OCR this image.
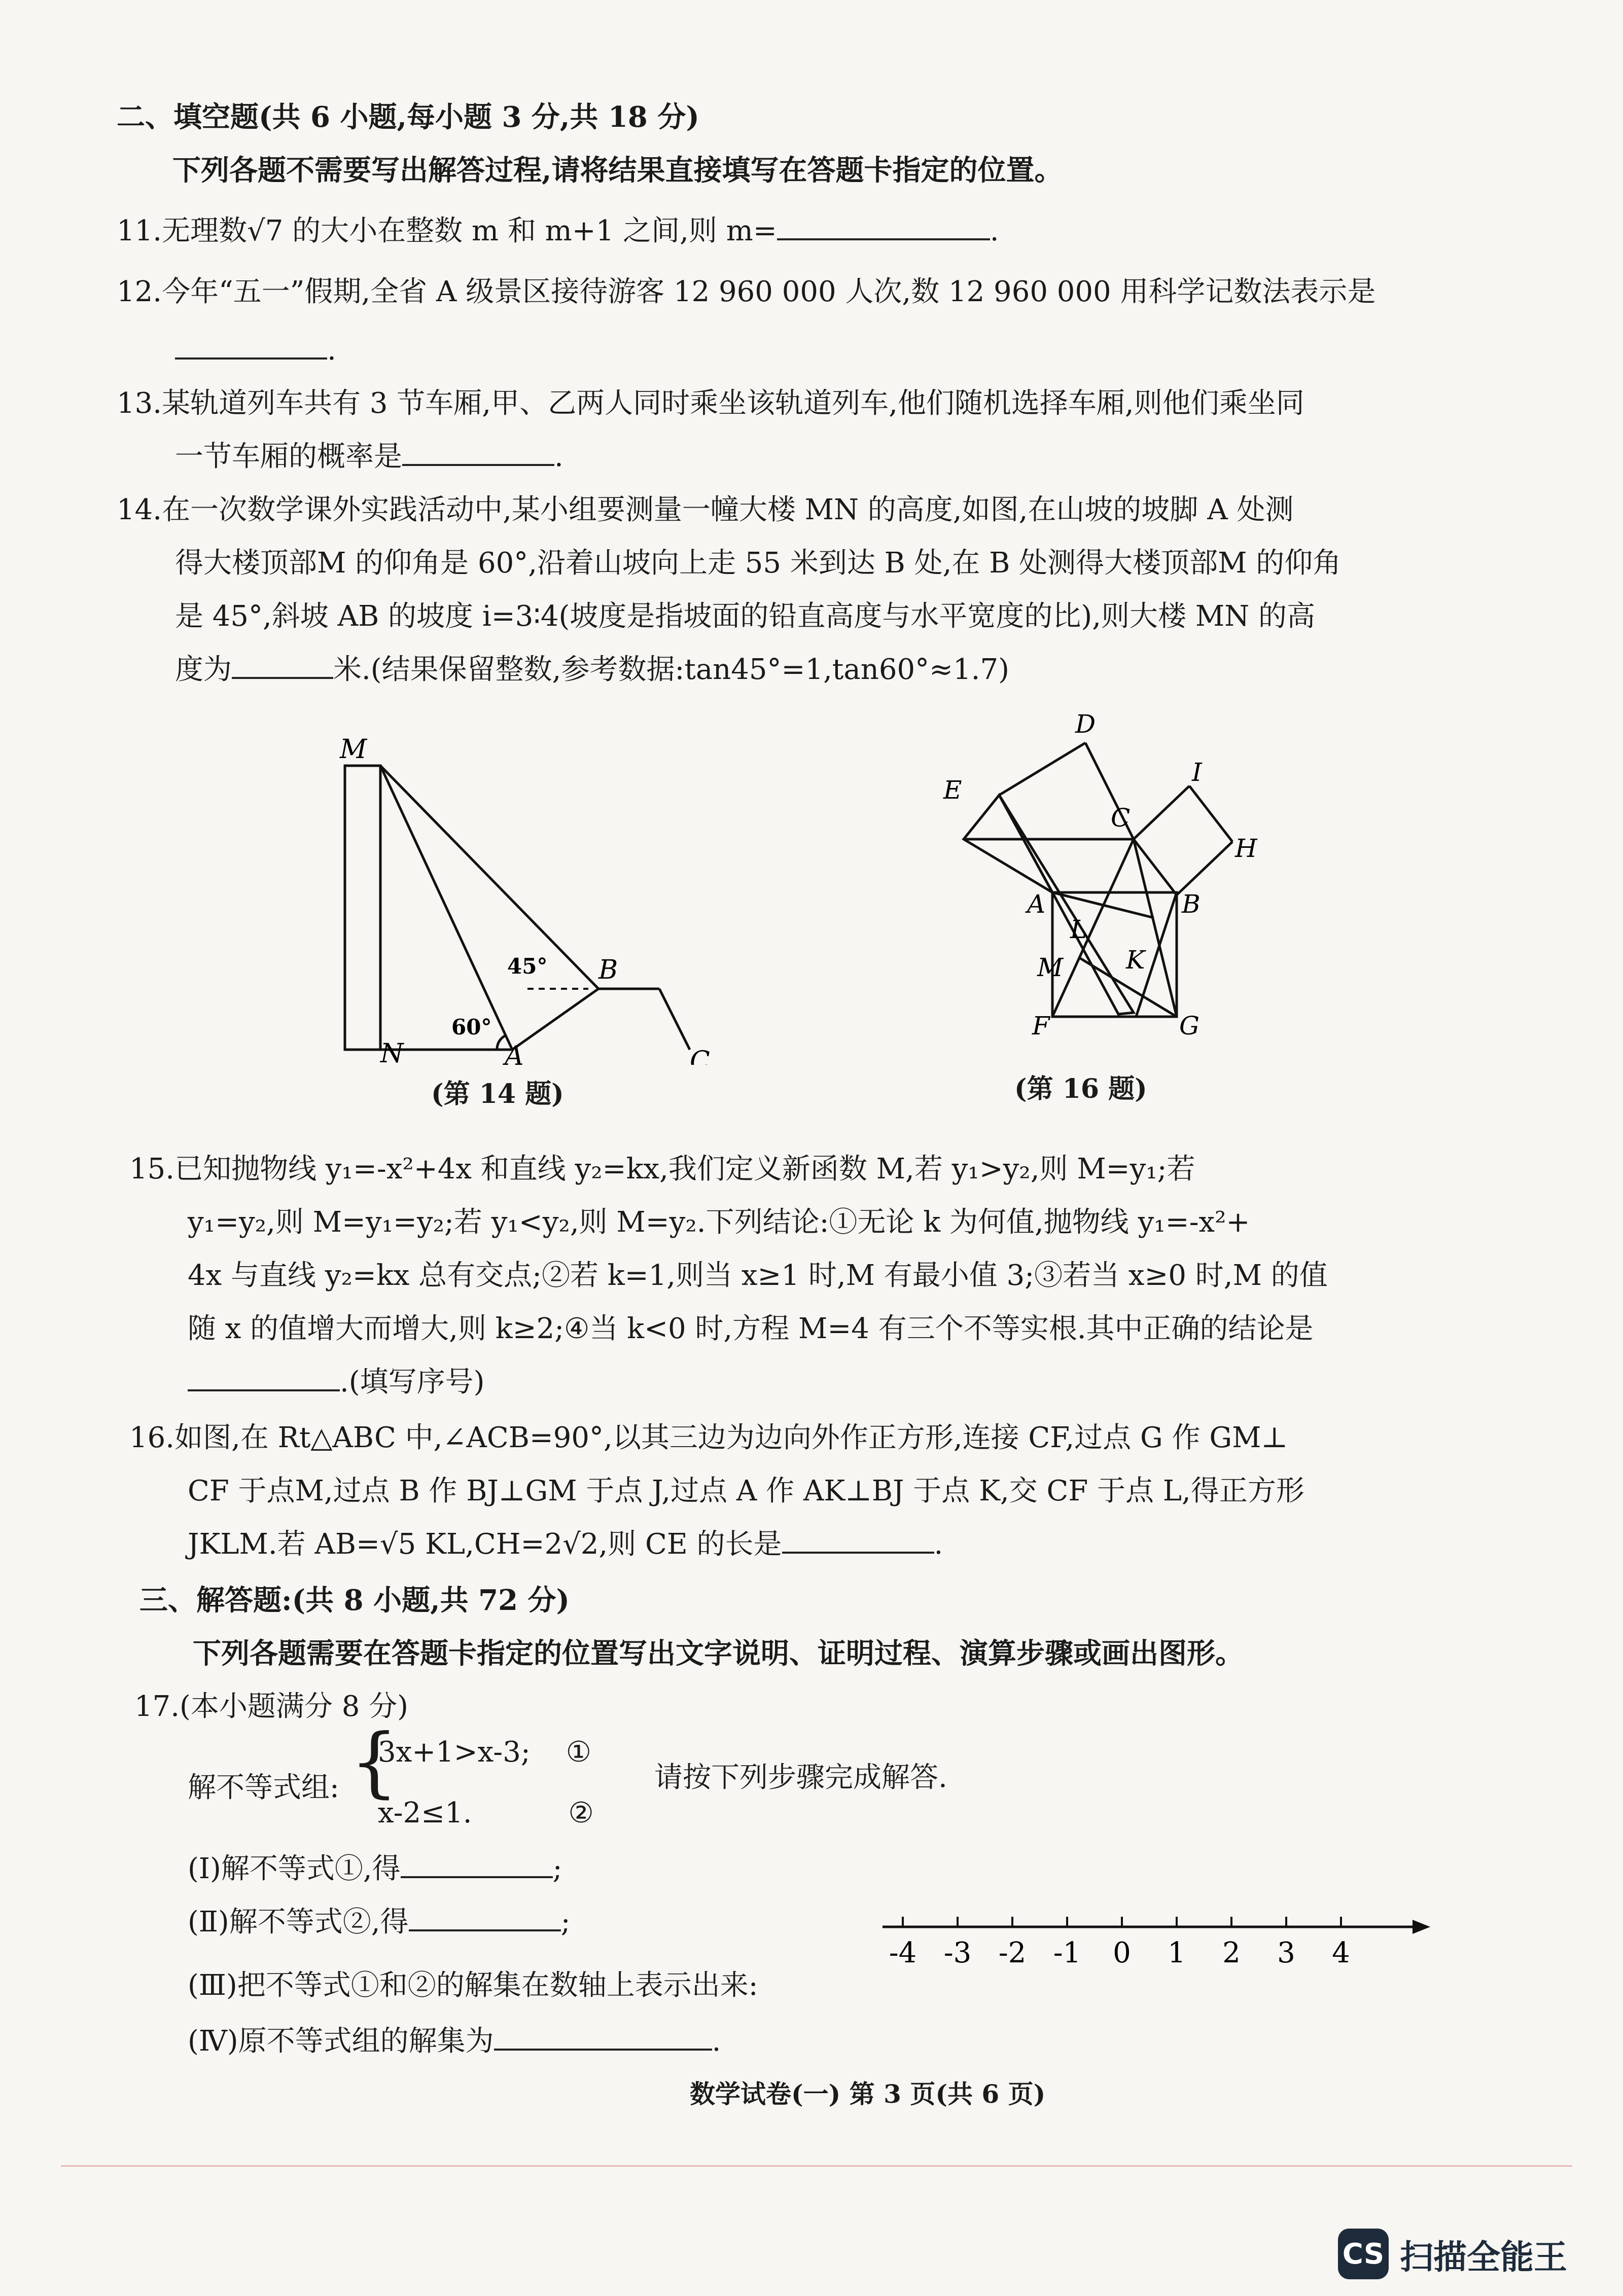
二、填空题(共 6 小题,每小题 3 分,共 18 分)
下列各题不需要写出解答过程,请将结果直接填写在答题卡指定的位置。
11.无理数√7 的大小在整数 m 和 m+1 之间,则 m=	.
12.今年“五一”假期,全省 A 级景区接待游客 12 960 000 人次,数 12 960 000 用科学记数法表示是
.
13.某轨道列车共有 3 节车厢,甲、乙两人同时乘坐该轨道列车,他们随机选择车厢,则他们乘坐同
一节车厢的概率是	.
14.在一次数学课外实践活动中,某小组要测量一幢大楼 MN 的高度,如图,在山坡的坡脚 A 处测
得大楼顶部M 的仰角是 60°,沿着山坡向上走 55 米到达 B 处,在 B 处测得大楼顶部M 的仰角
是 45°,斜坡 AB 的坡度 i=3∶4(坡度是指坡面的铅直高度与水平宽度的比),则大楼 MN 的高
度为	米.(结果保留整数,参考数据:tan45°=1,tan60°≈1.7)
M
N	A
B
C
60°
45°
(第 14 题)
D
E
C
I
H
A	B
L
M K
F	G
(第 16 题)
15.已知抛物线 y₁=-x²+4x 和直线 y₂=kx,我们定义新函数 M,若 y₁>y₂,则 M=y₁;若
y₁=y₂,则 M=y₁=y₂;若 y₁<y₂,则 M=y₂.下列结论:①无论 k 为何值,抛物线 y₁=-x²+
4x 与直线 y₂=kx 总有交点;②若 k=1,则当 x≥1 时,M 有最小值 3;③若当 x≥0 时,M 的值
随 x 的值增大而增大,则 k≥2;④当 k<0 时,方程 M=4 有三个不等实根.其中正确的结论是
.(填写序号)
16.如图,在 Rt△ABC 中,∠ACB=90°,以其三边为边向外作正方形,连接 CF,过点 G 作 GM⊥
CF 于点M,过点 B 作 BJ⊥GM 于点 J,过点 A 作 AK⊥BJ 于点 K,交 CF 于点 L,得正方形
JKLM.若 AB=√5 KL,CH=2√2,则 CE 的长是	.
三、解答题:(共 8 小题,共 72 分)
下列各题需要在答题卡指定的位置写出文字说明、证明过程、演算步骤或画出图形。
17.(本小题满分 8 分)
解不等式组: {
3x+1>x-3; ①
x-2≤1.	②
请按下列步骤完成解答.
(Ⅰ)解不等式①,得	;
(Ⅱ)解不等式②,得	;
(Ⅲ)把不等式①和②的解集在数轴上表示出来:
(Ⅳ)原不等式组的解集为	.
-4 -3 -2 -1 0 1 2 3 4
数学试卷(一) 第 3 页(共 6 页)
CS 扫描全能王
